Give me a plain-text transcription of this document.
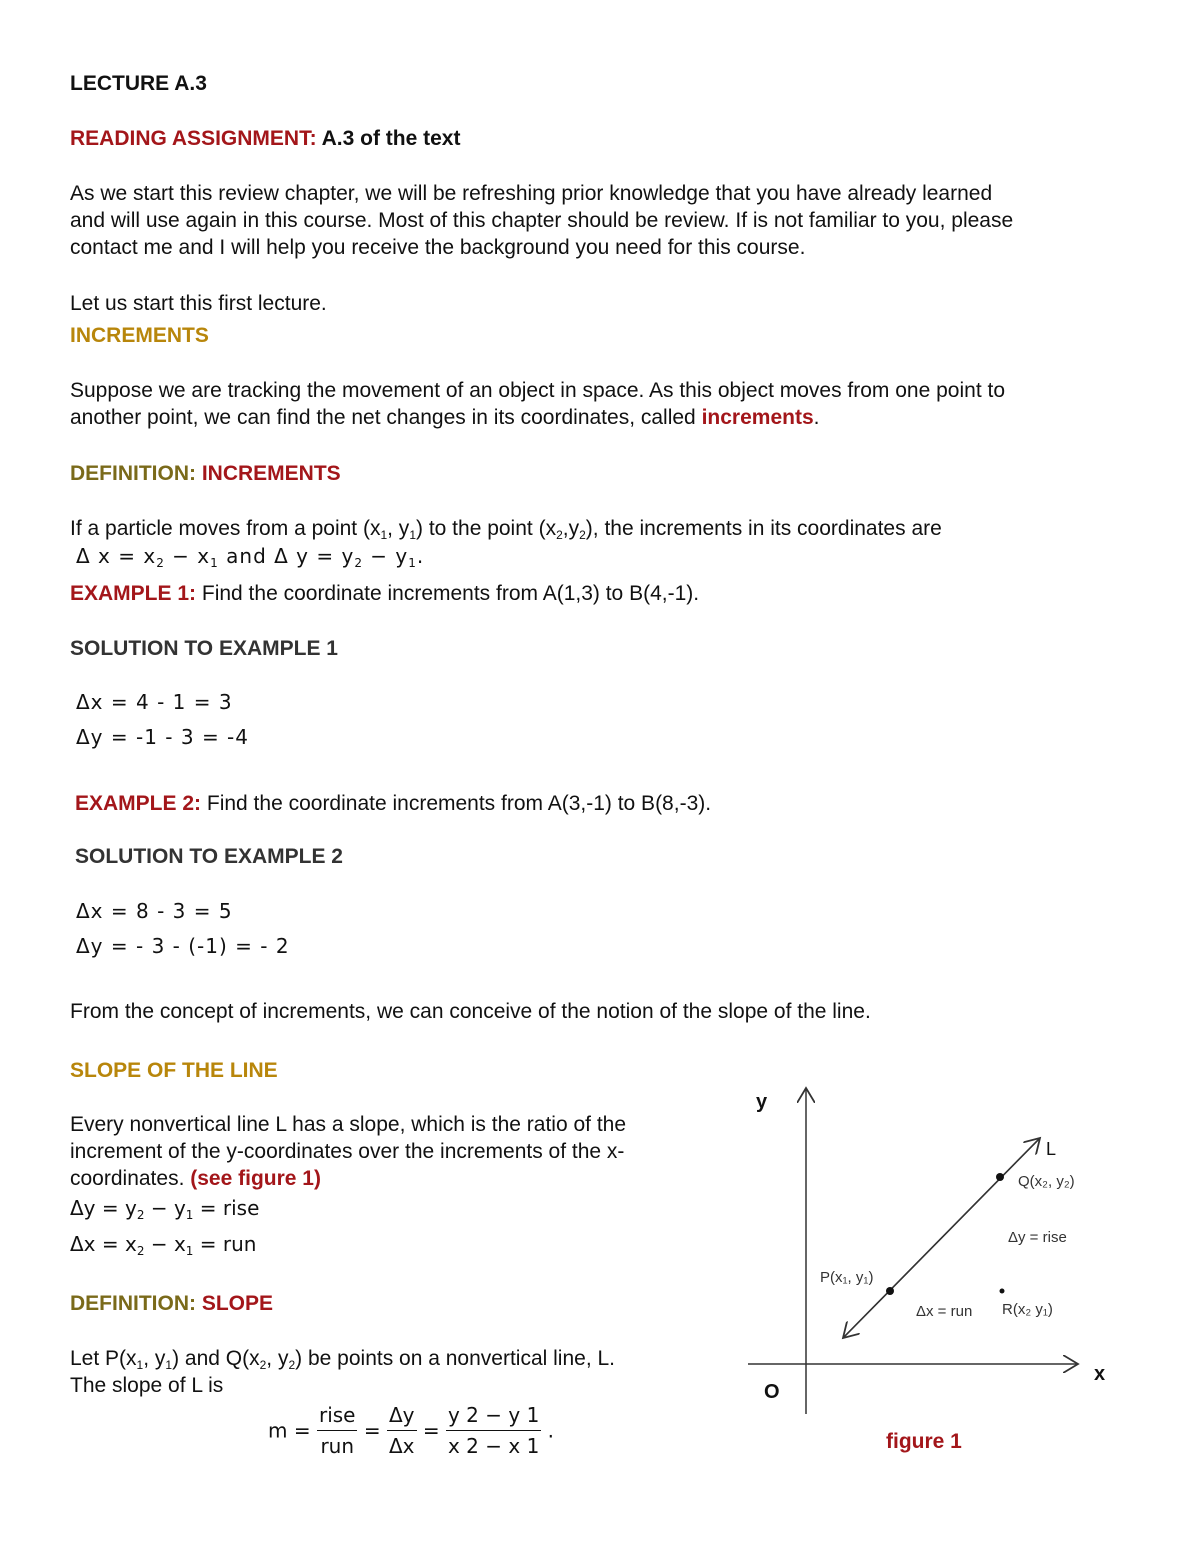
LECTURE A.3
READING ASSIGNMENT: A.3 of the text
As we start this review chapter, we will be refreshing prior knowledge that you have already learned
and will use again in this course. Most of this chapter should be review. If is not familiar to you, please
contact me and I will help you receive the background you need for this course.
Let us start this first lecture.
INCREMENTS
Suppose we are tracking the movement of an object in space. As this object moves from one point to
another point, we can find the net changes in its coordinates, called increments.
DEFINITION: INCREMENTS
If a particle moves from a point ($x_1$, $y_1$) to the point $(x_2,y_2)$, the increments in its coordinates are
Δ $x = x_2 - x_1$ and Δ $y = y_2 - y_1$.
EXAMPLE 1: Find the coordinate increments from A(1,3) to B(4,-1).
SOLUTION TO EXAMPLE 1
Δx = 4 - 1 = 3
Δy = -1 - 3 = -4
EXAMPLE 2: Find the coordinate increments from A(3,-1) to B(8,-3).
SOLUTION TO EXAMPLE 2
Δx = 8 - 3 = 5
Δy = - 3 - (-1) = - 2
From the concept of increments, we can conceive of the notion of the slope of the line.
SLOPE OF THE LINE
Every nonvertical line L has a slope, which is the ratio of the
increment of the y-coordinates over the increments of the x-
coordinates. (see figure 1)
$\Delta y = y_2 - y_1$ = rise
$\Delta x = x_2 - x_1$ = run
DEFINITION: SLOPE
Let $P(x_1$, $y_1$) and $Q(x_2$, $y_2$) be points on a nonvertical line, L.
The slope of L is
$m = \frac{\text{rise}}{\text{run}} = \frac{\Delta y}{\Delta x} = \frac{y 2 - y 1}{x 2 - x 1}$ .
y
x
O
L
Q(x₂, y₂)
P(x₁, y₁)
R(x₂ y₁)
Δy = rise
Δx = run
figure 1
